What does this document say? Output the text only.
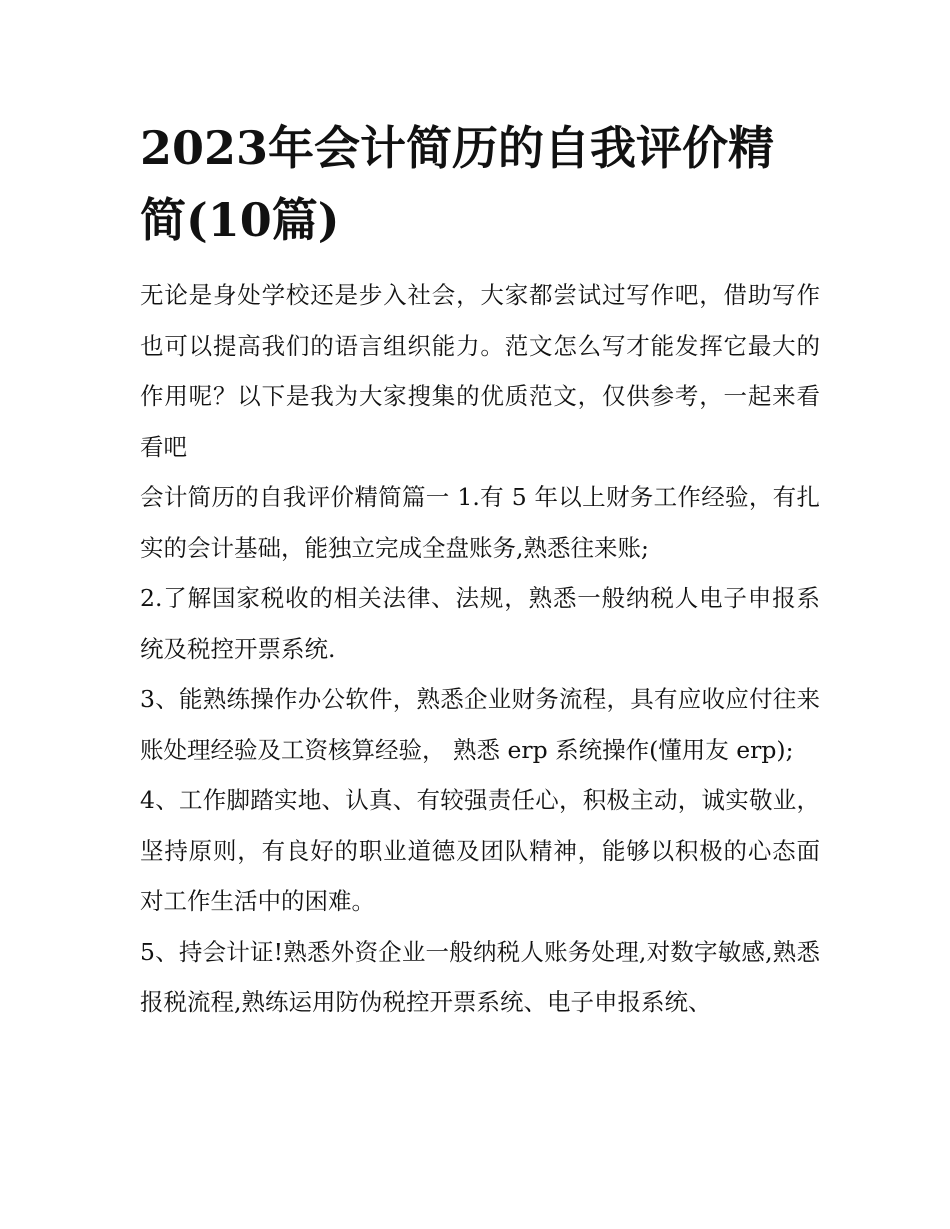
2023年会计简历的自我评价精简(10篇)

无论是身处学校还是步入社会，大家都尝试过写作吧，借助写作也可以提高我们的语言组织能力。范文怎么写才能发挥它最大的作用呢？以下是我为大家搜集的优质范文，仅供参考，一起来看看吧

会计简历的自我评价精简篇一 1.有 5 年以上财务工作经验，有扎实的会计基础，能独立完成全盘账务,熟悉往来账;

2.了解国家税收的相关法律、法规，熟悉一般纳税人电子申报系统及税控开票系统.

3、能熟练操作办公软件，熟悉企业财务流程，具有应收应付往来账处理经验及工资核算经验， 熟悉 erp 系统操作(懂用友 erp);

4、工作脚踏实地、认真、有较强责任心，积极主动，诚实敬业，坚持原则，有良好的职业道德及团队精神，能够以积极的心态面对工作生活中的困难。

5、持会计证!熟悉外资企业一般纳税人账务处理,对数字敏感,熟悉报税流程,熟练运用防伪税控开票系统、电子申报系统、
